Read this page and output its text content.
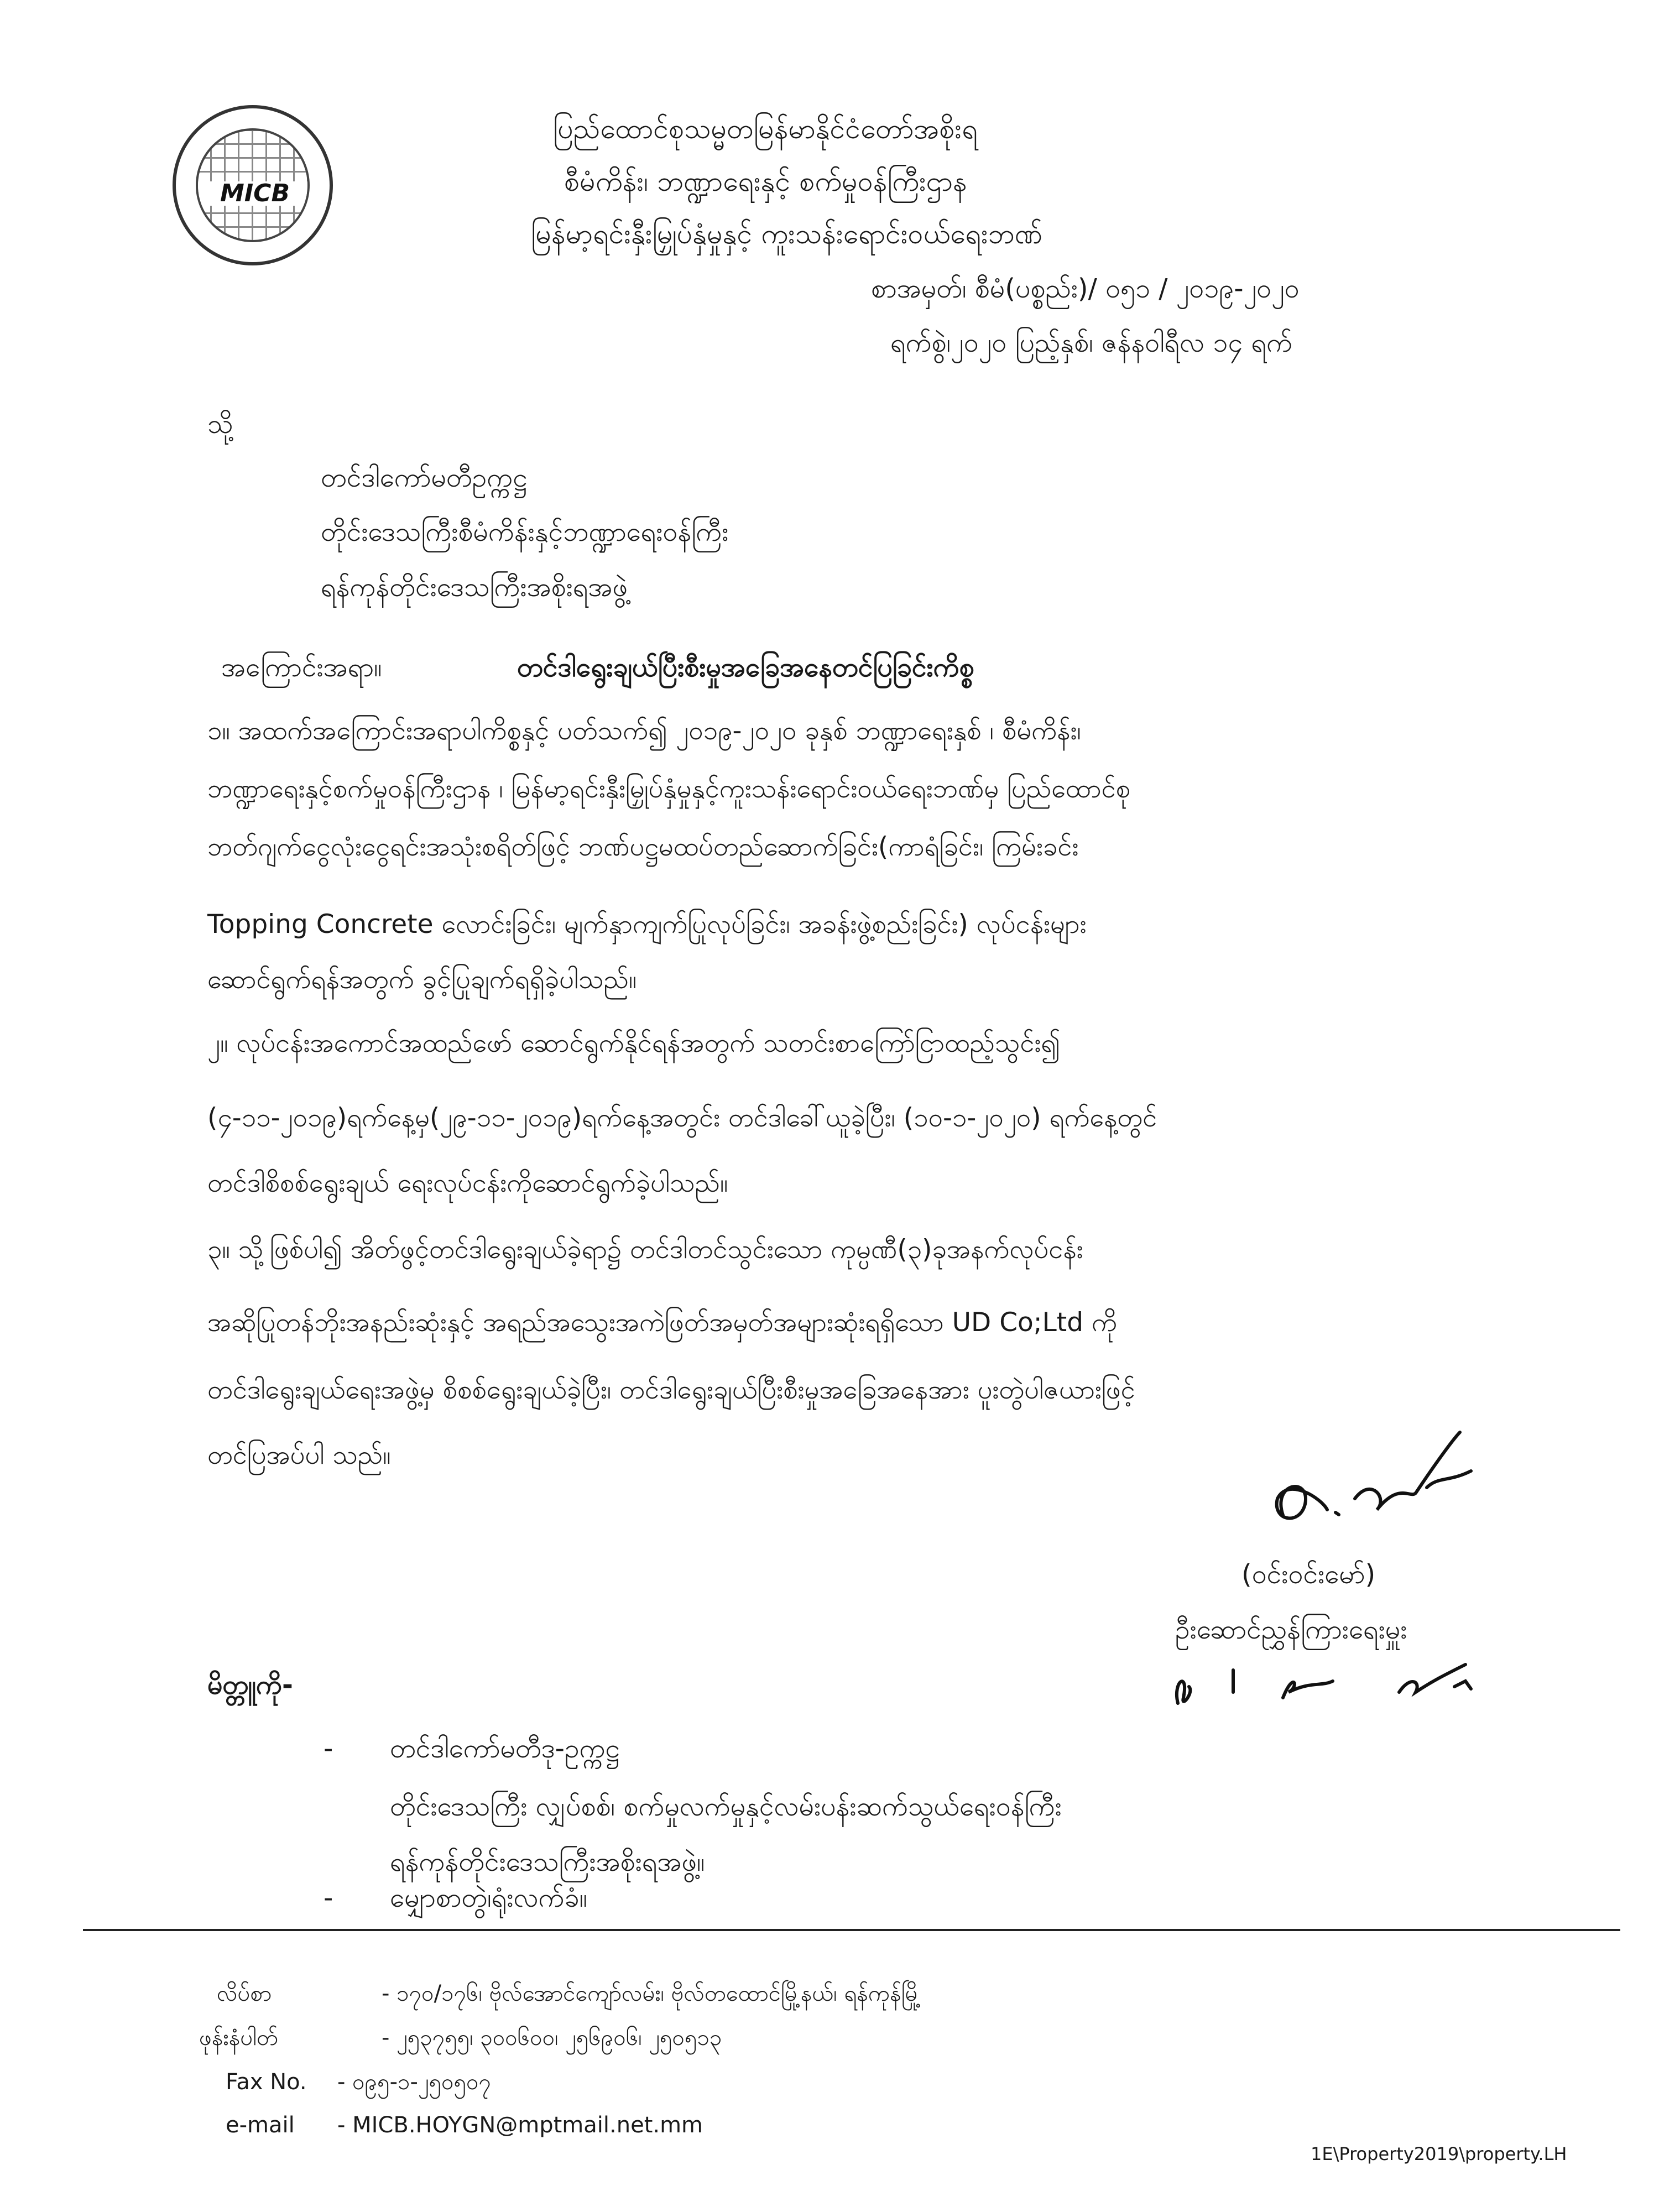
MICB
ပြည်ထောင်စုသမ္မတမြန်မာနိုင်ငံတော်အစိုးရ
စီမံကိန်း၊ ဘဏ္ဍာရေးနှင့် စက်မှုဝန်ကြီးဌာန
မြန်မာ့ရင်းနှီးမြှုပ်နှံမှုနှင့် ကူးသန်းရောင်းဝယ်ရေးဘဏ်
စာအမှတ်၊ စီမံ(ပစ္စည်း)/ ဝ၅၁ / ၂ဝ၁၉-၂ဝ၂ဝ
ရက်စွဲ၊၂ဝ၂ဝ ပြည့်နှစ်၊ ဇန်နဝါရီလ ၁၄ ရက်
သို့
တင်ဒါကော်မတီဥက္ကဋ္ဌ
တိုင်းဒေသကြီးစီမံကိန်းနှင့်ဘဏ္ဍာရေးဝန်ကြီး
ရန်ကုန်တိုင်းဒေသကြီးအစိုးရအဖွဲ့
အကြောင်းအရာ။	တင်ဒါရွေးချယ်ပြီးစီးမှုအခြေအနေတင်ပြခြင်းကိစ္စ
၁။ အထက်အကြောင်းအရာပါကိစ္စနှင့် ပတ်သက်၍ ၂ဝ၁၉-၂ဝ၂ဝ ခုနှစ် ဘဏ္ဍာရေးနှစ် ၊ စီမံကိန်း၊
ဘဏ္ဍာရေးနှင့်စက်မှုဝန်ကြီးဌာန ၊ မြန်မာ့ရင်းနှီးမြှုပ်နှံမှုနှင့်ကူးသန်းရောင်းဝယ်ရေးဘဏ်မှ ပြည်ထောင်စု
ဘတ်ဂျက်ငွေလုံးငွေရင်းအသုံးစရိတ်ဖြင့် ဘဏ်ပဋ္ဌမထပ်တည်ဆောက်ခြင်း(ကာရံခြင်း၊ ကြမ်းခင်း
Topping Concrete လောင်းခြင်း၊ မျက်နှာကျက်ပြုလုပ်ခြင်း၊ အခန်းဖွဲ့စည်းခြင်း) လုပ်ငန်းများ
ဆောင်ရွက်ရန်အတွက် ခွင့်ပြုချက်ရရှိခဲ့ပါသည်။
၂။ လုပ်ငန်းအကောင်အထည်ဖော် ဆောင်ရွက်နိုင်ရန်အတွက် သတင်းစာကြော်ငြာထည့်သွင်း၍
(၄-၁၁-၂ဝ၁၉)ရက်နေ့မှ(၂၉-၁၁-၂ဝ၁၉)ရက်နေ့အတွင်း တင်ဒါခေါ်ယူခဲ့ပြီး၊ (၁ဝ-၁-၂ဝ၂ဝ) ရက်နေ့တွင်
တင်ဒါစိစစ်ရွေးချယ် ရေးလုပ်ငန်းကိုဆောင်ရွက်ခဲ့ပါသည်။
၃။ သို့ဖြစ်ပါ၍ အိတ်ဖွင့်တင်ဒါရွေးချယ်ခဲ့ရာ၌ တင်ဒါတင်သွင်းသော ကုမ္ပဏီ(၃)ခုအနက်လုပ်ငန်း
အဆိုပြုတန်ဘိုးအနည်းဆုံးနှင့် အရည်အသွေးအကဲဖြတ်အမှတ်အများဆုံးရရှိသော UD Co;Ltd ကို
တင်ဒါရွေးချယ်ရေးအဖွဲ့မှ စိစစ်ရွေးချယ်ခဲ့ပြီး၊ တင်ဒါရွေးချယ်ပြီးစီးမှုအခြေအနေအား ပူးတွဲပါဇယားဖြင့်
တင်ပြအပ်ပါ သည်။
(ဝင်းဝင်းမော်)
ဦးဆောင်ညွှန်ကြားရေးမှူး
မိတ္တူကို-
- တင်ဒါကော်မတီဒု-ဥက္ကဋ္ဌ
တိုင်းဒေသကြီး လျှပ်စစ်၊ စက်မှုလက်မှုနှင့်လမ်းပန်းဆက်သွယ်ရေးဝန်ကြီး
ရန်ကုန်တိုင်းဒေသကြီးအစိုးရအဖွဲ့။
- မျှောစာတွဲ၊ရုံးလက်ခံ။
လိပ်စာ	- ၁၇ဝ/၁၇၆၊ ဗိုလ်အောင်ကျော်လမ်း၊ ဗိုလ်တထောင်မြို့နယ်၊ ရန်ကုန်မြို့
ဖုန်းနံပါတ်	- ၂၅၃၇၅၅၊ ၃ဝဝ၆ဝဝ၊ ၂၅၆၉ဝ၆၊ ၂၅ဝ၅၁၃
Fax No. - ဝ၉၅-၁-၂၅ဝ၅ဝ၇
e-mail - MICB.HOYGN@mptmail.net.mm
1E\Property2019\property.LH
